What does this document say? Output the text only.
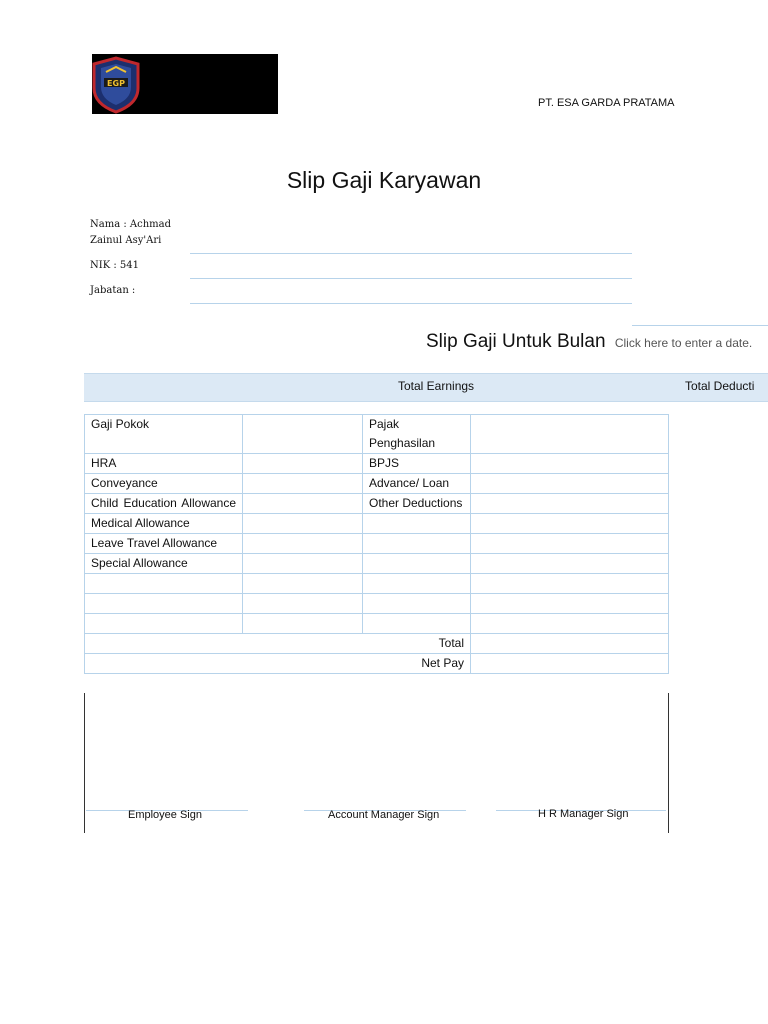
EGP
PT. ESA GARDA PRATAMA
Slip Gaji Karyawan
Nama : Achmad
Zainul Asy'Ari
NIK : 541
Jabatan :
Slip Gaji Untuk Bulan Click here to enter a date.
Total Earnings	Total Deducti
Gaji Pokok		Pajak Penghasilan	
HRA		BPJS	
Conveyance		Advance/ Loan	
Child Education Allowance		Other Deductions	
Medical Allowance			
Leave Travel Allowance			
Special Allowance			

Total			
Net Pay			
Employee Sign	Account Manager Sign	H R Manager Sign
